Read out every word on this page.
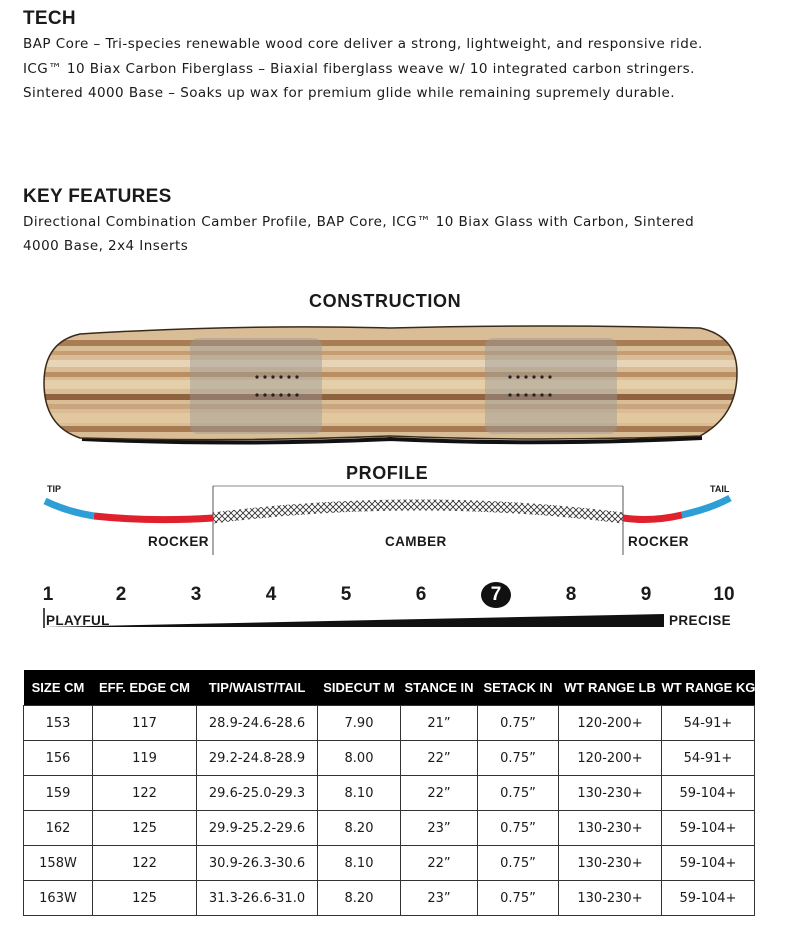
TECH
BAP Core – Tri-species renewable wood core deliver a strong, lightweight, and responsive ride.
ICG™ 10 Biax Carbon Fiberglass – Biaxial fiberglass weave w/ 10 integrated carbon stringers.
Sintered 4000 Base – Soaks up wax for premium glide while remaining supremely durable.
KEY FEATURES
Directional Combination Camber Profile, BAP Core, ICG™ 10 Biax Glass with Carbon, Sintered
4000 Base, 2x4 Inserts
CONSTRUCTION
PROFILE
TIP	TAIL
ROCKER	CAMBER	ROCKER
1	2	3	4	5	6	7	8	9	10
PLAYFUL	PRECISE
SIZE CM	EFF. EDGE CM	TIP/WAIST/TAIL	SIDECUT M	STANCE IN	SETACK IN	WT RANGE LB	WT RANGE KG
153	117	28.9-24.6-28.6	7.90	21”	0.75”	120-200+	54-91+
156	119	29.2-24.8-28.9	8.00	22”	0.75”	120-200+	54-91+
159	122	29.6-25.0-29.3	8.10	22”	0.75”	130-230+	59-104+
162	125	29.9-25.2-29.6	8.20	23”	0.75”	130-230+	59-104+
158W	122	30.9-26.3-30.6	8.10	22”	0.75”	130-230+	59-104+
163W	125	31.3-26.6-31.0	8.20	23”	0.75”	130-230+	59-104+
